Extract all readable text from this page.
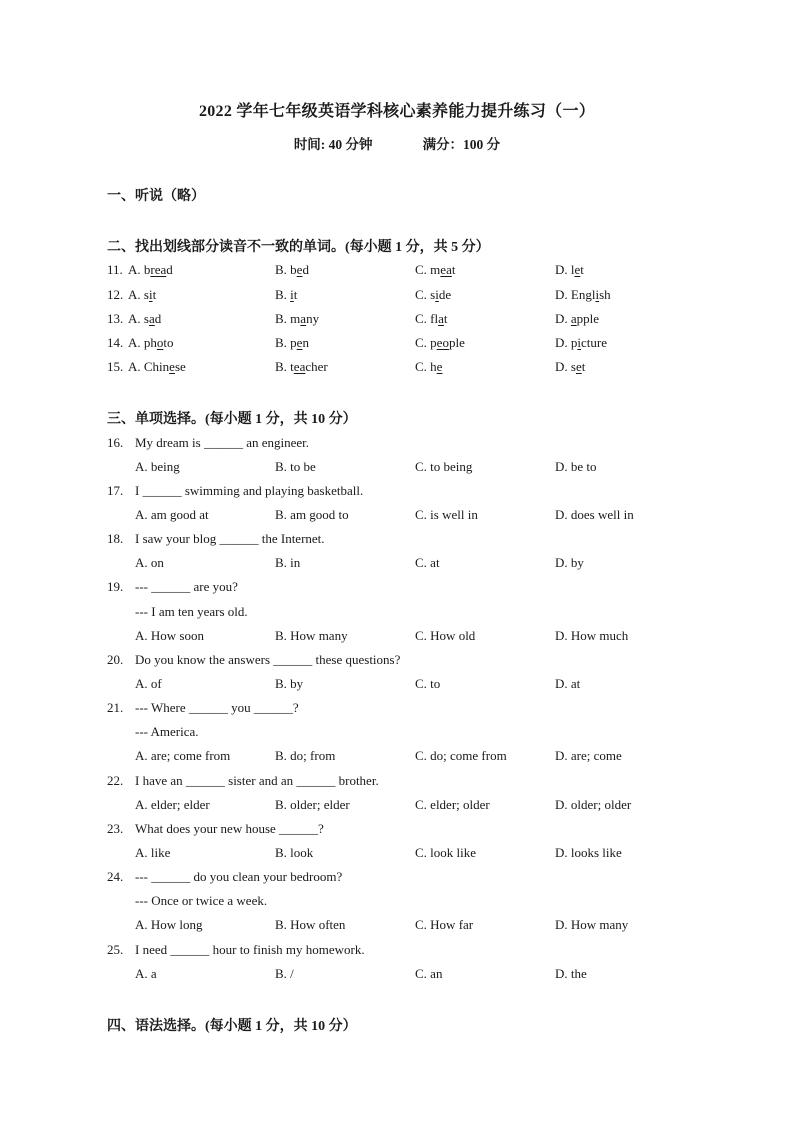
2022 学年七年级英语学科核心素养能力提升练习（一）
时间: 40 分钟	满分：100 分
一、听说（略）
二、找出划线部分读音不一致的单词。(每小题 1 分，共 5 分）
11. A. bread	B. bed	C. meat	D. let
12. A. sit	B. it	C. side	D. English
13. A. sad	B. many	C. flat	D. apple
14. A. photo	B. pen	C. people	D. picture
15. A. Chinese	B. teacher	C. he	D. set
三、单项选择。(每小题 1 分，共 10 分）
16. My dream is ______ an engineer.
A. being	B. to be	C. to being	D. be to
17. I ______ swimming and playing basketball.
A. am good at	B. am good to	C. is well in	D. does well in
18. I saw your blog ______ the Internet.
A. on	B. in	C. at	D. by
19. --- ______ are you?
--- I am ten years old.
A. How soon	B. How many	C. How old	D. How much
20. Do you know the answers ______ these questions?
A. of	B. by	C. to	D. at
21. --- Where ______ you ______?
--- America.
A. are; come from	B. do; from	C. do; come from	D. are; come
22. I have an ______ sister and an ______ brother.
A. elder; elder	B. older; elder	C. elder; older	D. older; older
23. What does your new house ______?
A. like	B. look	C. look like	D. looks like
24. --- ______ do you clean your bedroom?
--- Once or twice a week.
A. How long	B. How often	C. How far	D. How many
25. I need ______ hour to finish my homework.
A. a	B. /	C. an	D. the
四、语法选择。(每小题 1 分，共 10 分）
